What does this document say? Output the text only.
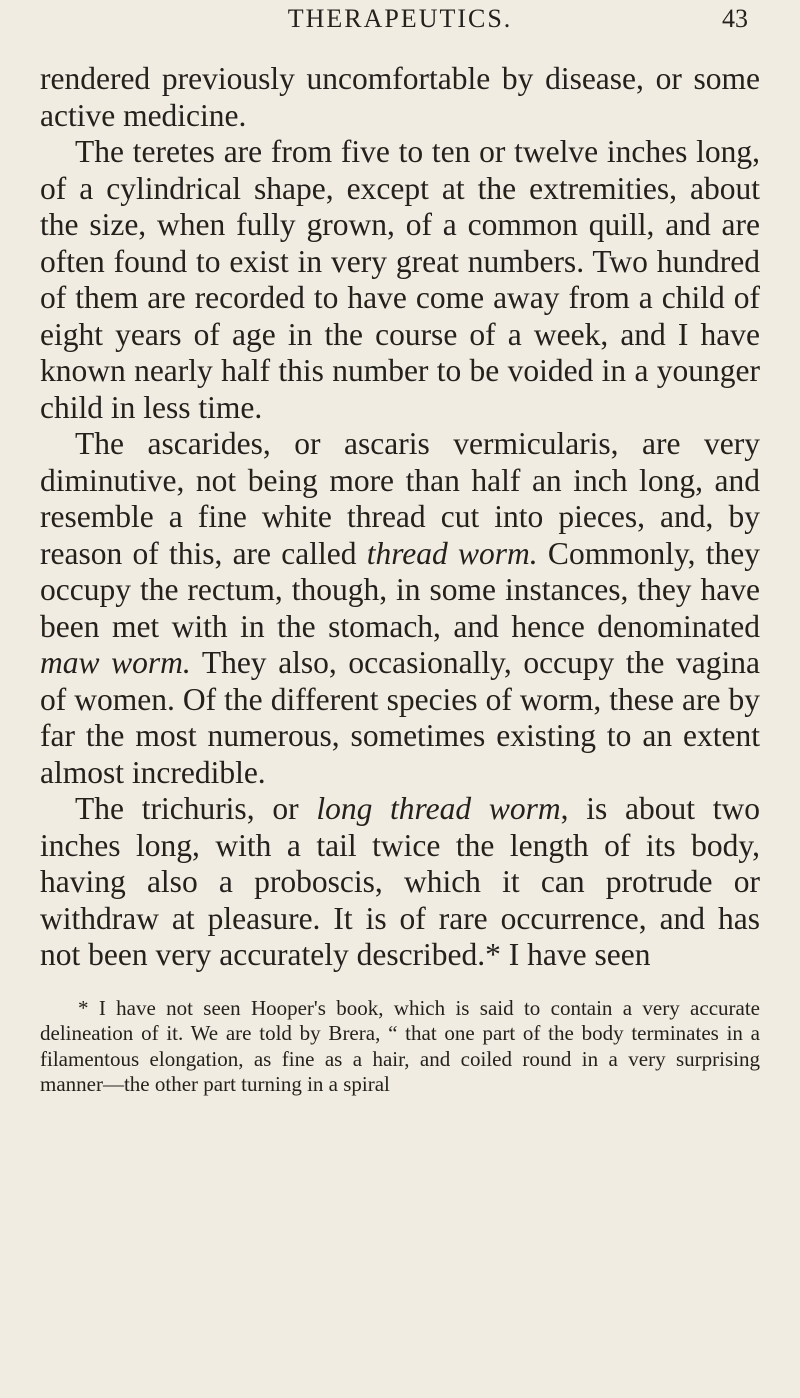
THERAPEUTICS.	43

rendered previously uncomfortable by disease, or some active medicine.

The teretes are from five to ten or twelve inches long, of a cylindrical shape, except at the extremities, about the size, when fully grown, of a common quill, and are often found to exist in very great numbers. Two hundred of them are recorded to have come away from a child of eight years of age in the course of a week, and I have known nearly half this number to be voided in a younger child in less time.

The ascarides, or ascaris vermicularis, are very diminutive, not being more than half an inch long, and resemble a fine white thread cut into pieces, and, by reason of this, are called thread worm. Commonly, they occupy the rectum, though, in some instances, they have been met with in the stomach, and hence denominated maw worm. They also, occasionally, occupy the vagina of women. Of the different species of worm, these are by far the most numerous, sometimes existing to an extent almost incredible.

The trichuris, or long thread worm, is about two inches long, with a tail twice the length of its body, having also a proboscis, which it can protrude or withdraw at pleasure. It is of rare occurrence, and has not been very accurately described.* I have seen

* I have not seen Hooper's book, which is said to contain a very accurate delineation of it. We are told by Brera, “ that one part of the body terminates in a filamentous elongation, as fine as a hair, and coiled round in a very surprising manner—the other part turning in a spiral
